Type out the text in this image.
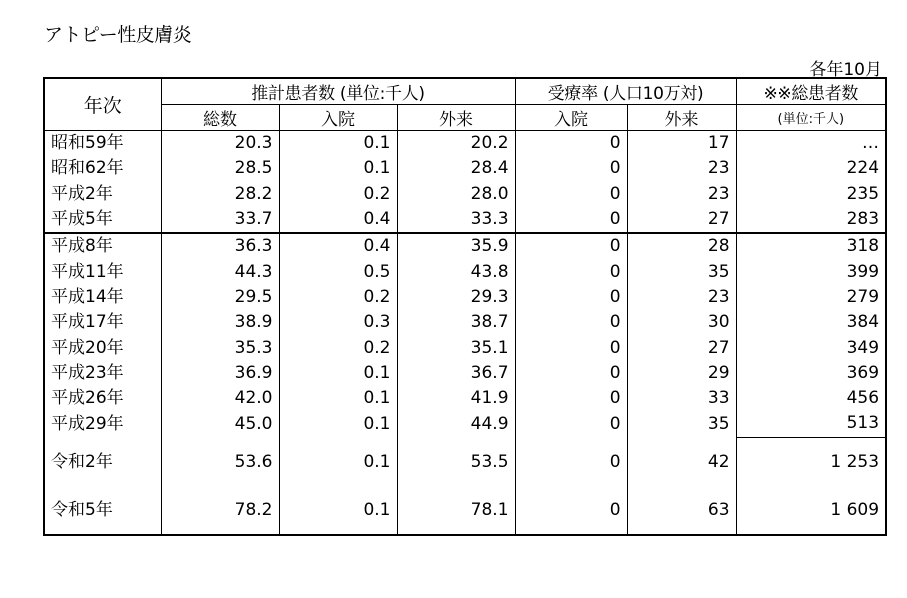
アトピー性皮膚炎
各年10月
年次	推計患者数 (単位:千人)			受療率 (人口10万対)		※※総患者数
	総数	入院	外来	入院	外来	(単位:千人)
昭和59年	20.3	0.1	20.2	0	17	…
昭和62年	28.5	0.1	28.4	0	23	224
平成2年	28.2	0.2	28.0	0	23	235
平成5年	33.7	0.4	33.3	0	27	283
平成8年	36.3	0.4	35.9	0	28	318
平成11年	44.3	0.5	43.8	0	35	399
平成14年	29.5	0.2	29.3	0	23	279
平成17年	38.9	0.3	38.7	0	30	384
平成20年	35.3	0.2	35.1	0	27	349
平成23年	36.9	0.1	36.7	0	29	369
平成26年	42.0	0.1	41.9	0	33	456
平成29年	45.0	0.1	44.9	0	35	513
令和2年	53.6	0.1	53.5	0	42	1 253
令和5年	78.2	0.1	78.1	0	63	1 609
